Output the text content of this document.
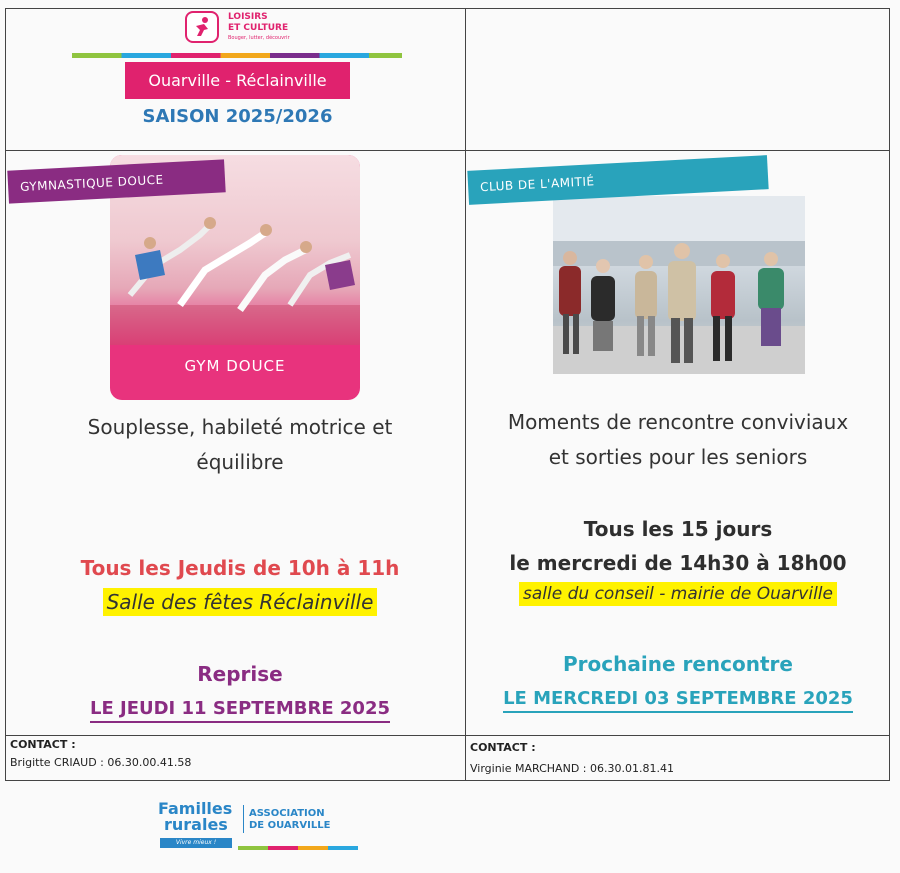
LOISIRS
ET CULTURE
Bouger, lutter, découvrir
Ouarville - Réclainville
SAISON 2025/2026
GYM DOUCE
GYMNASTIQUE DOUCE
Souplesse, habileté motrice et
équilibre
Tous les Jeudis de 10h à 11h
Salle des fêtes Réclainville
Reprise
LE JEUDI 11 SEPTEMBRE 2025
CONTACT :
Brigitte CRIAUD : 06.30.00.41.58
CLUB DE L'AMITIÉ
Moments de rencontre conviviaux
et sorties pour les seniors
Tous les 15 jours
le mercredi de 14h30 à 18h00
salle du conseil - mairie de Ouarville
Prochaine rencontre
LE MERCREDI 03 SEPTEMBRE 2025
CONTACT :
Virginie MARCHAND : 06.30.01.81.41
Familles
rurales
Vivre mieux !
ASSOCIATION
DE OUARVILLE
